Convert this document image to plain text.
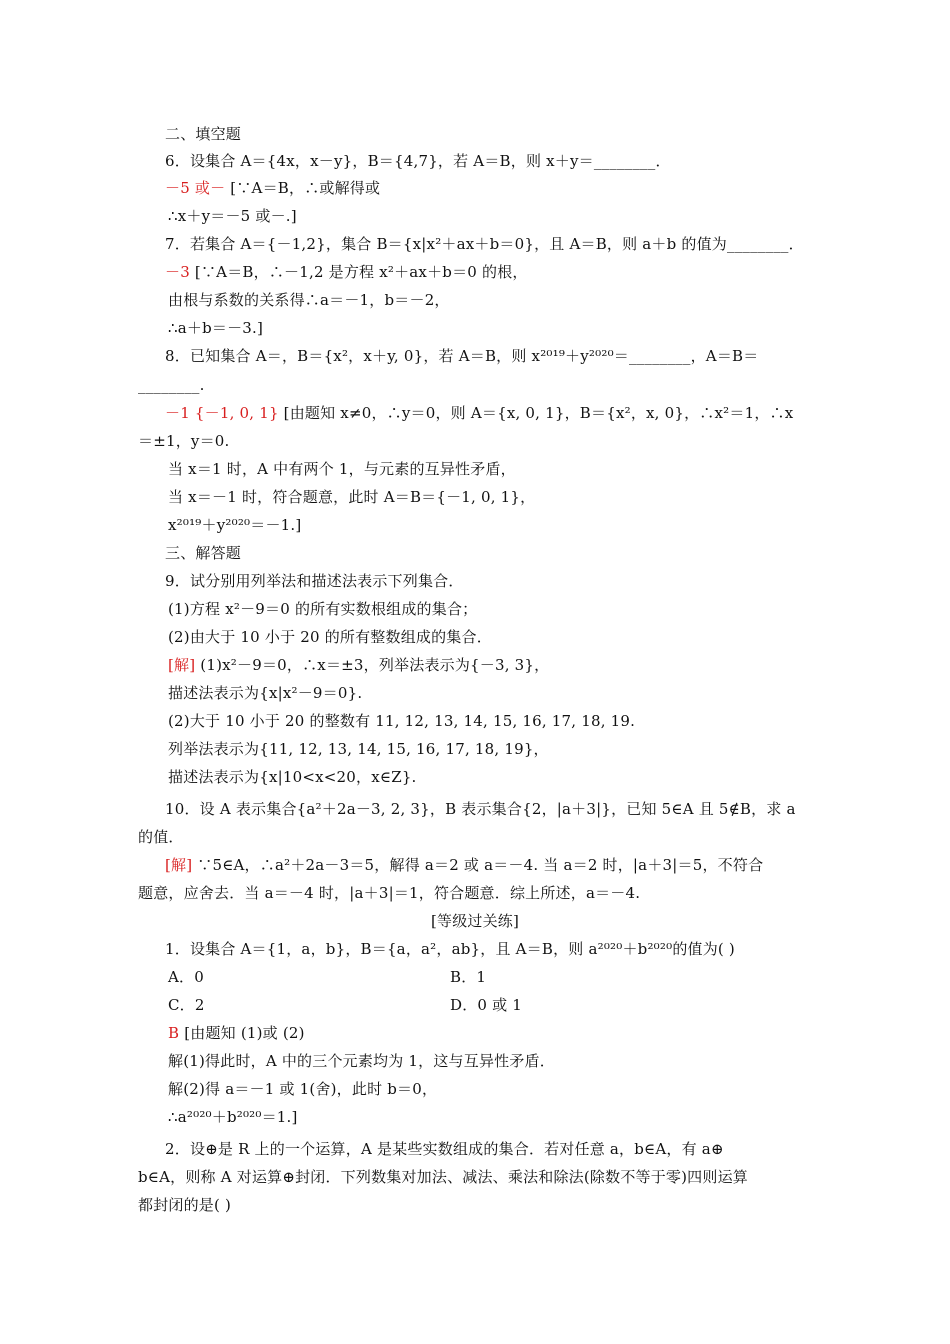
二、填空题
6．设集合 A＝{4x，x－y}，B＝{4,7}，若 A＝B，则 x＋y＝________．
－5 或－ [∵A＝B，∴或解得或
∴x＋y＝－5 或－.]
7．若集合 A＝{－1,2}，集合 B＝{x|x²＋ax＋b＝0}，且 A＝B，则 a＋b 的值为________．
－3 [∵A＝B，∴－1,2 是方程 x²＋ax＋b＝0 的根，
由根与系数的关系得∴a＝－1，b＝－2，
∴a＋b＝－3.]
8．已知集合 A＝，B＝{x²，x＋y, 0}，若 A＝B，则 x²⁰¹⁹＋y²⁰²⁰＝________，A＝B＝
________.
－1 {－1, 0, 1} [由题知 x≠0，∴y＝0，则 A＝{x, 0, 1}，B＝{x²，x, 0}，∴x²＝1，∴x
＝±1，y＝0.
当 x＝1 时，A 中有两个 1，与元素的互异性矛盾，
当 x＝－1 时，符合题意，此时 A＝B＝{－1, 0, 1}，
x²⁰¹⁹＋y²⁰²⁰＝－1.]
三、解答题
9．试分别用列举法和描述法表示下列集合．
(1)方程 x²－9＝0 的所有实数根组成的集合；
(2)由大于 10 小于 20 的所有整数组成的集合．
[解] (1)x²－9＝0，∴x＝±3，列举法表示为{－3, 3}，
描述法表示为{x|x²－9＝0}.
(2)大于 10 小于 20 的整数有 11, 12, 13, 14, 15, 16, 17, 18, 19.
列举法表示为{11, 12, 13, 14, 15, 16, 17, 18, 19}，
描述法表示为{x|10<x<20，x∈Z}.
10．设 A 表示集合{a²＋2a－3, 2, 3}，B 表示集合{2，|a＋3|}，已知 5∈A 且 5∉B，求 a
的值．
[解] ∵5∈A，∴a²＋2a－3＝5，解得 a＝2 或 a＝－4. 当 a＝2 时，|a＋3|＝5，不符合
题意，应舍去．当 a＝－4 时，|a＋3|＝1，符合题意．综上所述，a＝－4.
[等级过关练]
1．设集合 A＝{1，a，b}，B＝{a，a²，ab}，且 A＝B，则 a²⁰²⁰＋b²⁰²⁰的值为( )
A．0	B．1
C．2	D．0 或 1
B [由题知 (1)或 (2)
解(1)得此时，A 中的三个元素均为 1，这与互异性矛盾．
解(2)得 a＝－1 或 1(舍)，此时 b＝0，
∴a²⁰²⁰＋b²⁰²⁰＝1.]
2．设⊕是 R 上的一个运算，A 是某些实数组成的集合．若对任意 a，b∈A，有 a⊕
b∈A，则称 A 对运算⊕封闭．下列数集对加法、减法、乘法和除法(除数不等于零)四则运算
都封闭的是( )
